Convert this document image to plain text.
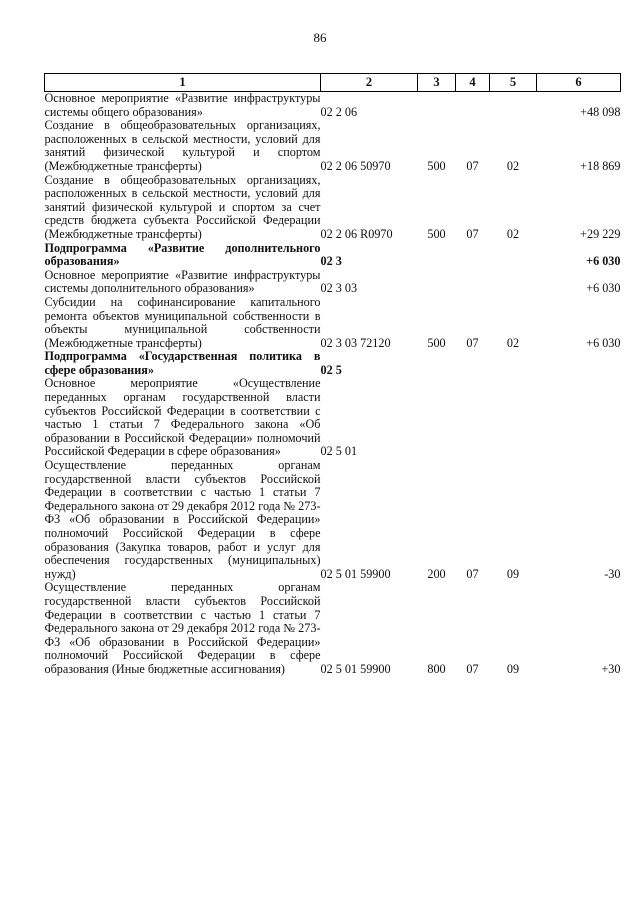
86
1	2	3	4	5	6
Основное мероприятие «Развитие инфраструктуры системы общего образования»	02 2 06				+48 098
Создание в общеобразовательных организациях, расположенных в сельской местности, условий для занятий физической культурой и спортом (Межбюджетные трансферты)	02 2 06 50970	500	07	02	+18 869
Создание в общеобразовательных организациях, расположенных в сельской местности, условий для занятий физической культурой и спортом за счет средств бюджета субъекта Российской Федерации (Межбюджетные трансферты)	02 2 06 R0970	500	07	02	+29 229
Подпрограмма «Развитие дополнительного образования»	02 3				+6 030
Основное мероприятие «Развитие инфраструктуры системы дополнительного образования»	02 3 03				+6 030
Субсидии на софинансирование капитального ремонта объектов муниципальной собственности в объекты муниципальной собственности (Межбюджетные трансферты)	02 3 03 72120	500	07	02	+6 030
Подпрограмма «Государственная политика в сфере образования»	02 5				
Основное мероприятие «Осуществление переданных органам государственной власти субъектов Российской Федерации в соответствии с частью 1 статьи 7 Федерального закона «Об образовании в Российской Федерации» полномочий Российской Федерации в сфере образования»	02 5 01				
Осуществление переданных органам государственной власти субъектов Российской Федерации в соответствии с частью 1 статьи 7 Федерального закона от 29 декабря 2012 года № 273-ФЗ «Об образовании в Российской Федерации» полномочий Российской Федерации в сфере образования (Закупка товаров, работ и услуг для обеспечения государственных (муниципальных) нужд)	02 5 01 59900	200	07	09	-30
Осуществление переданных органам государственной власти субъектов Российской Федерации в соответствии с частью 1 статьи 7 Федерального закона от 29 декабря 2012 года № 273-ФЗ «Об образовании в Российской Федерации» полномочий Российской Федерации в сфере образования (Иные бюджетные ассигнования)	02 5 01 59900	800	07	09	+30
